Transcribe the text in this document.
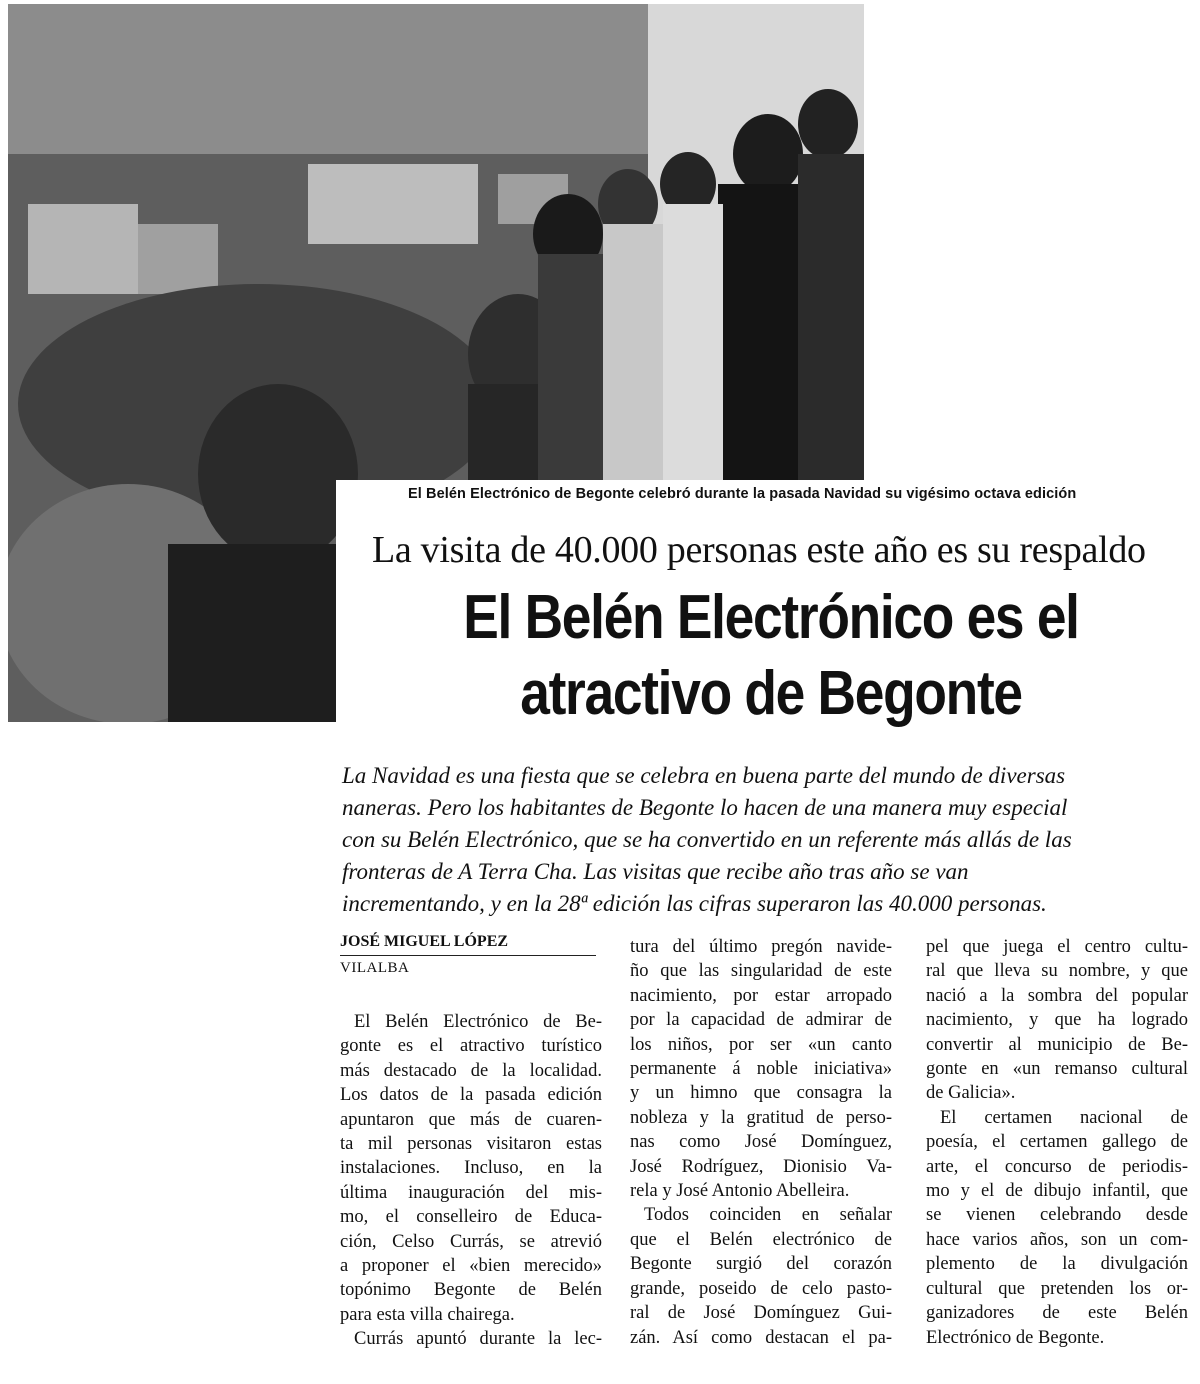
El Belén Electrónico de Begonte celebró durante la pasada Navidad su vigésimo octava edición
La visita de 40.000 personas este año es su respaldo
El Belén Electrónico es el
atractivo de Begonte

La Navidad es una fiesta que se celebra en buena parte del mundo de diversas

naneras. Pero los habitantes de Begonte lo hacen de una manera muy especial

con su Belén Electrónico, que se ha convertido en un referente más allás de las

fronteras de A Terra Cha. Las visitas que recibe año tras año se van

incrementando, y en la 28ª edición las cifras superaron las 40.000 personas.

JOSÉ MIGUEL LÓPEZ
VILALBA

El Belén Electrónico de Be-

gonte es el atractivo turístico

más destacado de la localidad.

Los datos de la pasada edición

apuntaron que más de cuaren-

ta mil personas visitaron estas

instalaciones. Incluso, en la

última inauguración del mis-

mo, el conselleiro de Educa-

ción, Celso Currás, se atrevió

a proponer el «bien merecido»

topónimo Begonte de Belén

para esta villa chairega.

Currás apuntó durante la lec-

tura del último pregón navide-

ño que las singularidad de este

nacimiento, por estar arropado

por la capacidad de admirar de

los niños, por ser «un canto

permanente á noble iniciativa»

y un himno que consagra la

nobleza y la gratitud de perso-

nas como José Domínguez,

José Rodríguez, Dionisio Va-

rela y José Antonio Abelleira.

Todos coinciden en señalar

que el Belén electrónico de

Begonte surgió del corazón

grande, poseido de celo pasto-

ral de José Domínguez Gui-

zán. Así como destacan el pa-

pel que juega el centro cultu-

ral que lleva su nombre, y que

nació a la sombra del popular

nacimiento, y que ha logrado

convertir al municipio de Be-

gonte en «un remanso cultural

de Galicia».

El certamen nacional de

poesía, el certamen gallego de

arte, el concurso de periodis-

mo y el de dibujo infantil, que

se vienen celebrando desde

hace varios años, son un com-

plemento de la divulgación

cultural que pretenden los or-

ganizadores de este Belén

Electrónico de Begonte.
